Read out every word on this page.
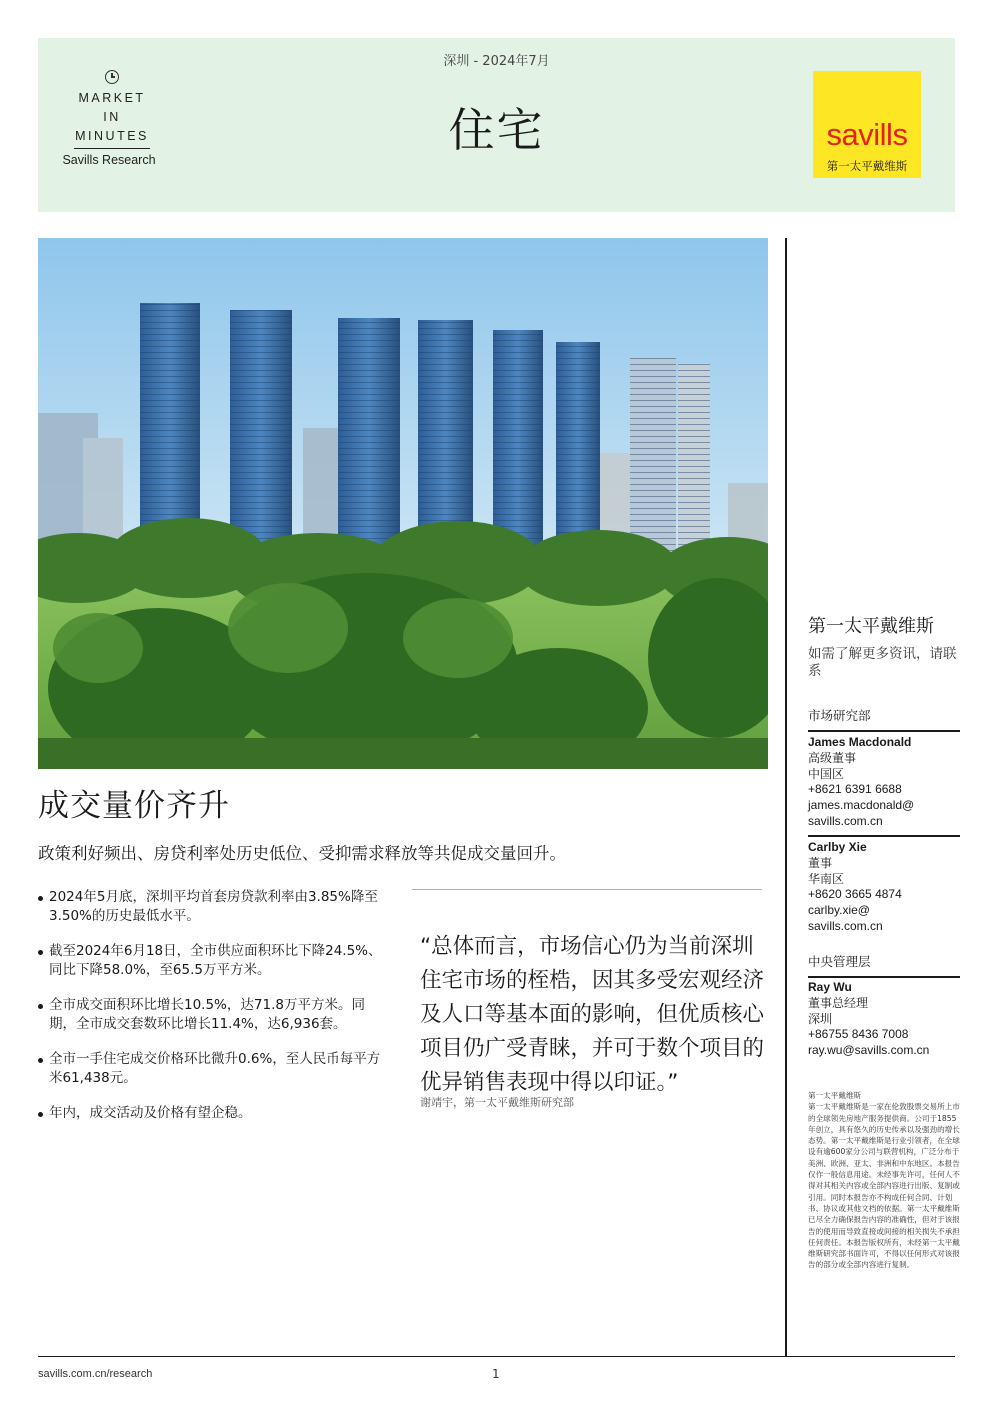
MARKET
IN
MINUTES
Savills Research
深圳 - 2024年7月
住宅	savills
第一太平戴维斯
savills.com.cn/research	1
成交量价齐升
政策利好频出、房贷利率处历史低位、受抑需求释放等共促成交量回升。
2024年5月底，深圳平均首套房贷款利率由3.85%降至3.50%的历史最低水平。
截至2024年6月18日，全市供应面积环比下降24.5%、同比下降58.0%，至65.5万平方米。
全市成交面积环比增长10.5%，达71.8万平方米。同期，全市成交套数环比增长11.4%，达6,936套。
全市一手住宅成交价格环比微升0.6%，至人民币每平方米61,438元。
年内，成交活动及价格有望企稳。
“总体而言，市场信心仍为当前深圳住宅市场的桎梏，因其多受宏观经济及人口等基本面的影响，但优质核心项目仍广受青睐，并可于数个项目的优异销售表现中得以印证。”
谢靖宇，第一太平戴维斯研究部
第一太平戴维斯
如需了解更多资讯，请联系
市场研究部
James Macdonald
高级董事
中国区
+8621 6391 6688
james.macdonald@
savills.com.cn
Carlby Xie
董事
华南区
+8620 3665 4874
carlby.xie@
savills.com.cn
中央管理层
Ray Wu
董事总经理
深圳
+86755 8436 7008
ray.wu@savills.com.cn
第一太平戴维斯
第一太平戴维斯是一家在伦敦股票交易所上市的全球领先房地产服务提供商。公司于1855年创立，具有悠久的历史传承以及强劲的增长态势。第一太平戴维斯是行业引领者，在全球设有逾600家分公司与联营机构，广泛分布于美洲、欧洲、亚太、非洲和中东地区。本报告仅作一般信息用途。未经事先许可，任何人不得对其相关内容或全部内容进行出版、复制或引用。同时本报告亦不构成任何合同、计划书、协议或其他文档的依据。第一太平戴维斯已尽全力确保报告内容的准确性，但对于该报告的使用而导致直接或间接的相关损失不承担任何责任。本报告版权所有，未经第一太平戴维斯研究部书面许可，不得以任何形式对该报告的部分或全部内容进行复制。
